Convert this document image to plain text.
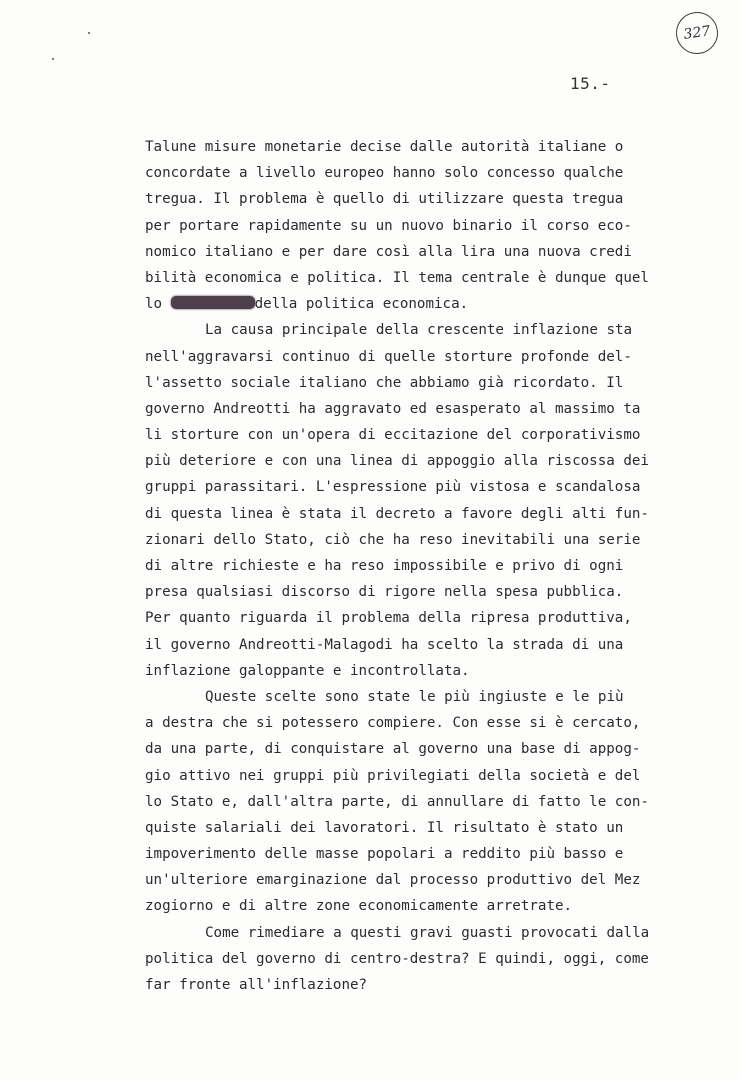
327
15.-
Talune misure monetarie decise dalle autorità italiane o
concordate a livello europeo hanno solo concesso qualche
tregua. Il problema è quello di utilizzare questa tregua
per portare rapidamente su un nuovo binario il corso eco-
nomico italiano e per dare così alla lira una nuova credi
bilità economica e politica. Il tema centrale è dunque quel
lo	della politica economica.
La causa principale della crescente inflazione sta
nell'aggravarsi continuo di quelle storture profonde del-
l'assetto sociale italiano che abbiamo già ricordato. Il
governo Andreotti ha aggravato ed esasperato al massimo ta
li storture con un'opera di eccitazione del corporativismo
più deteriore e con una linea di appoggio alla riscossa dei
gruppi parassitari. L'espressione più vistosa e scandalosa
di questa linea è stata il decreto a favore degli alti fun-
zionari dello Stato, ciò che ha reso inevitabili una serie
di altre richieste e ha reso impossibile e privo di ogni
presa qualsiasi discorso di rigore nella spesa pubblica.
Per quanto riguarda il problema della ripresa produttiva,
il governo Andreotti-Malagodi ha scelto la strada di una
inflazione galoppante e incontrollata.
Queste scelte sono state le più ingiuste e le più
a destra che si potessero compiere. Con esse si è cercato,
da una parte, di conquistare al governo una base di appog-
gio attivo nei gruppi più privilegiati della società e del
lo Stato e, dall'altra parte, di annullare di fatto le con-
quiste salariali dei lavoratori. Il risultato è stato un
impoverimento delle masse popolari a reddito più basso e
un'ulteriore emarginazione dal processo produttivo del Mez
zogiorno e di altre zone economicamente arretrate.
Come rimediare a questi gravi guasti provocati dalla
politica del governo di centro-destra? E quindi, oggi, come
far fronte all'inflazione?
